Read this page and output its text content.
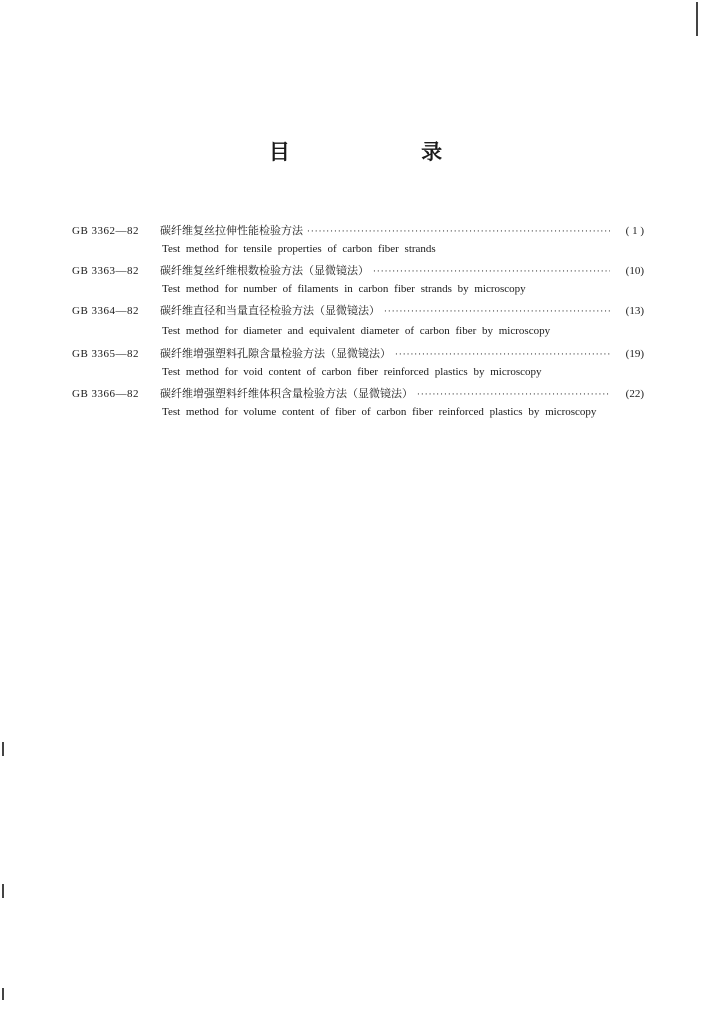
目 录
GB 3362—82	碳纤维复丝拉伸性能检验方法 ·····	( 1 )
Test method for tensile properties of carbon fiber strands
GB 3363—82	碳纤维复丝纤维根数检验方法（显微镜法） ·····	(10)
Test method for number of filaments in carbon fiber strands by microscopy
GB 3364—82	碳纤维直径和当量直径检验方法（显微镜法） ·····	(13)
Test method for diameter and equivalent diameter of carbon fiber by microscopy
GB 3365—82	碳纤维增强塑料孔隙含量检验方法（显微镜法） ·····	(19)
Test method for void content of carbon fiber reinforced plastics by microscopy
GB 3366—82	碳纤维增强塑料纤维体积含量检验方法（显微镜法） ·····	(22)
Test method for volume content of fiber of carbon fiber reinforced plastics by microscopy
